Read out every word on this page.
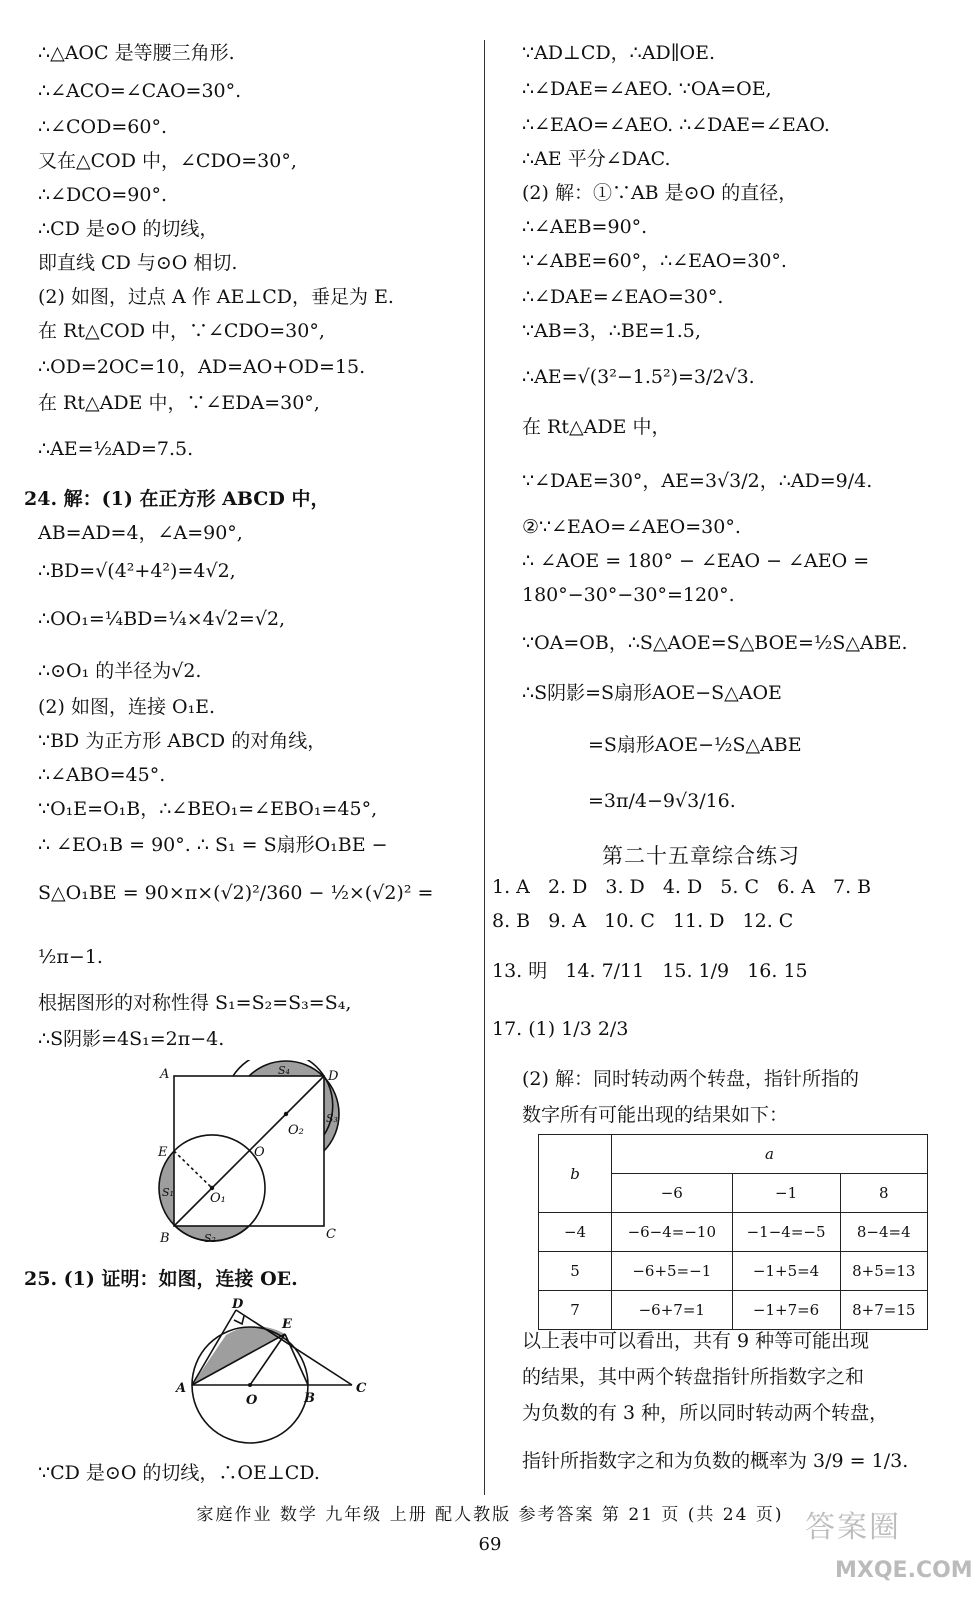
∴△AOC 是等腰三角形.
∴∠ACO=∠CAO=30°.
∴∠COD=60°.
又在△COD 中，∠CDO=30°,
∴∠DCO=90°.
∴CD 是⊙O 的切线，
即直线 CD 与⊙O 相切.
(2) 如图，过点 A 作 AE⊥CD，垂足为 E.
在 Rt△COD 中，∵∠CDO=30°,
∴OD=2OC=10，AD=AO+OD=15.
在 Rt△ADE 中，∵∠EDA=30°,
∴AE=½AD=7.5.
24. 解：(1) 在正方形 ABCD 中，
AB=AD=4，∠A=90°,
∴BD=√(4²+4²)=4√2,
∴OO₁=¼BD=¼×4√2=√2,
∴⊙O₁ 的半径为√2.
(2) 如图，连接 O₁E.
∵BD 为正方形 ABCD 的对角线，
∴∠ABO=45°.
∵O₁E=O₁B，∴∠BEO₁=∠EBO₁=45°,
∴ ∠EO₁B = 90°. ∴ S₁ = S扇形O₁BE −
S△O₁BE = 90×π×(√2)²/360 − ½×(√2)² =
½π−1.
根据图形的对称性得 S₁=S₂=S₃=S₄,
∴S阴影=4S₁=2π−4.
25. (1) 证明：如图，连接 OE.
∵CD 是⊙O 的切线，∴OE⊥CD.
A	D
B	C
E	O
O₁
O₂
S₄
S₃
S₁
S₂
A
D
E
O	B
C
∵AD⊥CD，∴AD∥OE.
∴∠DAE=∠AEO. ∵OA=OE,
∴∠EAO=∠AEO. ∴∠DAE=∠EAO.
∴AE 平分∠DAC.
(2) 解：①∵AB 是⊙O 的直径，
∴∠AEB=90°.
∵∠ABE=60°，∴∠EAO=30°.
∴∠DAE=∠EAO=30°.
∵AB=3，∴BE=1.5,
∴AE=√(3²−1.5²)=3/2√3.
在 Rt△ADE 中，
∵∠DAE=30°，AE=3√3/2，∴AD=9/4.
②∵∠EAO=∠AEO=30°.
∴ ∠AOE = 180° − ∠EAO − ∠AEO =
180°−30°−30°=120°.
∵OA=OB，∴S△AOE=S△BOE=½S△ABE.
∴S阴影=S扇形AOE−S△AOE
=S扇形AOE−½S△ABE
=3π/4−9√3/16.
第二十五章综合练习
1. A 2. D 3. D 4. D 5. C 6. A 7. B
8. B 9. A 10. C 11. D 12. C
13. 明 14. 7/11 15. 1/9 16. 15
17. (1) 1/3 2/3
(2) 解：同时转动两个转盘，指针所指的
数字所有可能出现的结果如下：
b	a		
	−6	−1	8
−4	−6−4=−10	−1−4=−5	8−4=4
5	−6+5=−1	−1+5=4	8+5=13
7	−6+7=1	−1+7=6	8+7=15
以上表中可以看出，共有 9 种等可能出现
的结果，其中两个转盘指针所指数字之和
为负数的有 3 种，所以同时转动两个转盘，
指针所指数字之和为负数的概率为 3/9 = 1/3.
家庭作业 数学 九年级 上册 配人教版 参考答案 第 21 页 (共 24 页)
69	答案圈
MXQE.COM
